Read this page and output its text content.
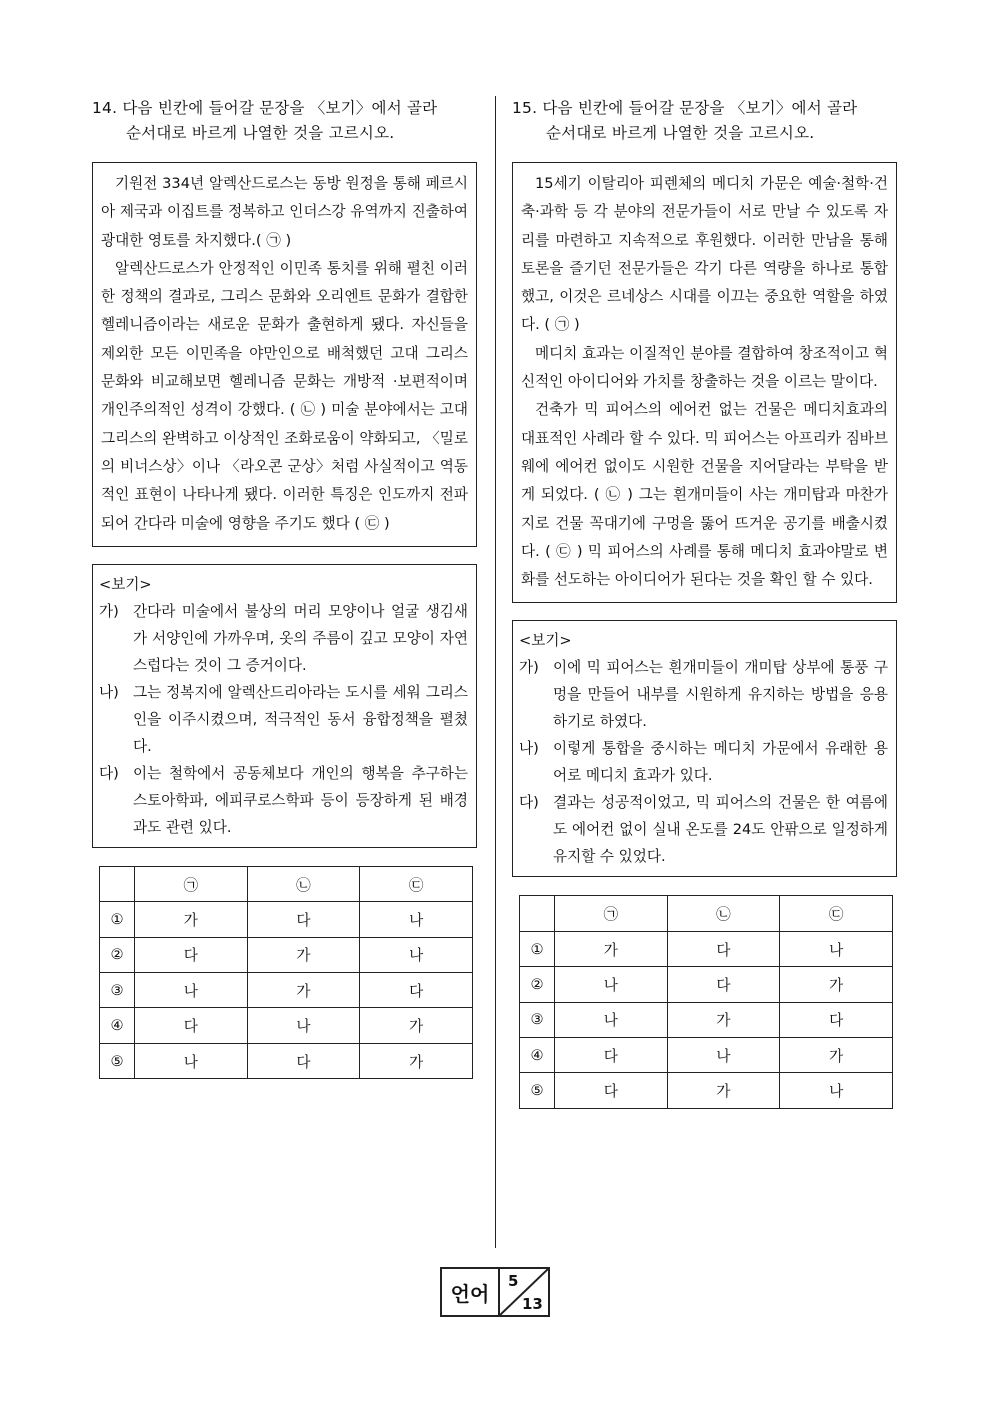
14. 다음 빈칸에 들어갈 문장을 〈보기〉에서 골라
순서대로 바르게 나열한 것을 고르시오.

기원전 334년 알렉산드로스는 동방 원정을 통해 페르시아 제국과 이집트를 정복하고 인더스강 유역까지 진출하여 광대한 영토를 차지했다.( ㉠ )

알렉산드로스가 안정적인 이민족 통치를 위해 펼친 이러한 정책의 결과로, 그리스 문화와 오리엔트 문화가 결합한 헬레니즘이라는 새로운 문화가 출현하게 됐다. 자신들을 제외한 모든 이민족을 야만인으로 배척했던 고대 그리스 문화와 비교해보면 헬레니즘 문화는 개방적 ·보편적이며 개인주의적인 성격이 강했다. ( ㉡ ) 미술 분야에서는 고대 그리스의 완벽하고 이상적인 조화로움이 약화되고, 〈밀로의 비너스상〉이나 〈라오콘 군상〉처럼 사실적이고 역동적인 표현이 나타나게 됐다. 이러한 특징은 인도까지 전파되어 간다라 미술에 영향을 주기도 했다 ( ㉢ )

<보기>

가) 간다라 미술에서 불상의 머리 모양이나 얼굴 생김새가 서양인에 가까우며, 옷의 주름이 깊고 모양이 자연스럽다는 것이 그 증거이다.
나) 그는 정복지에 알렉산드리아라는 도시를 세워 그리스인을 이주시켰으며, 적극적인 동서 융합정책을 펼쳤다.
다) 이는 철학에서 공동체보다 개인의 행복을 추구하는 스토아학파, 에피쿠로스학파 등이 등장하게 된 배경과도 관련 있다.
	㉠	㉡	㉢
①	가	다	나
②	다	가	나
③	나	가	다
④	다	나	가
⑤	나	다	가

15. 다음 빈칸에 들어갈 문장을 〈보기〉에서 골라
순서대로 바르게 나열한 것을 고르시오.

15세기 이탈리아 피렌체의 메디치 가문은 예술·철학·건축·과학 등 각 분야의 전문가들이 서로 만날 수 있도록 자리를 마련하고 지속적으로 후원했다. 이러한 만남을 통해 토론을 즐기던 전문가들은 각기 다른 역량을 하나로 통합했고, 이것은 르네상스 시대를 이끄는 중요한 역할을 하였다. ( ㉠ )

메디치 효과는 이질적인 분야를 결합하여 창조적이고 혁신적인 아이디어와 가치를 창출하는 것을 이르는 말이다.

건축가 믹 피어스의 에어컨 없는 건물은 메디치효과의 대표적인 사례라 할 수 있다. 믹 피어스는 아프리카 짐바브웨에 에어컨 없이도 시원한 건물을 지어달라는 부탁을 받게 되었다. ( ㉡ ) 그는 흰개미들이 사는 개미탑과 마찬가지로 건물 꼭대기에 구멍을 뚫어 뜨거운 공기를 배출시켰다. ( ㉢ ) 믹 피어스의 사례를 통해 메디치 효과야말로 변화를 선도하는 아이디어가 된다는 것을 확인 할 수 있다.

<보기>

가) 이에 믹 피어스는 흰개미들이 개미탑 상부에 통풍 구멍을 만들어 내부를 시원하게 유지하는 방법을 응용하기로 하였다.
나) 이렇게 통합을 중시하는 메디치 가문에서 유래한 용어로 메디치 효과가 있다.
다) 결과는 성공적이었고, 믹 피어스의 건물은 한 여름에도 에어컨 없이 실내 온도를 24도 안팎으로 일정하게 유지할 수 있었다.
	㉠	㉡	㉢
①	가	다	나
②	나	다	가
③	나	가	다
④	다	나	가
⑤	다	가	나
언어
5
13
